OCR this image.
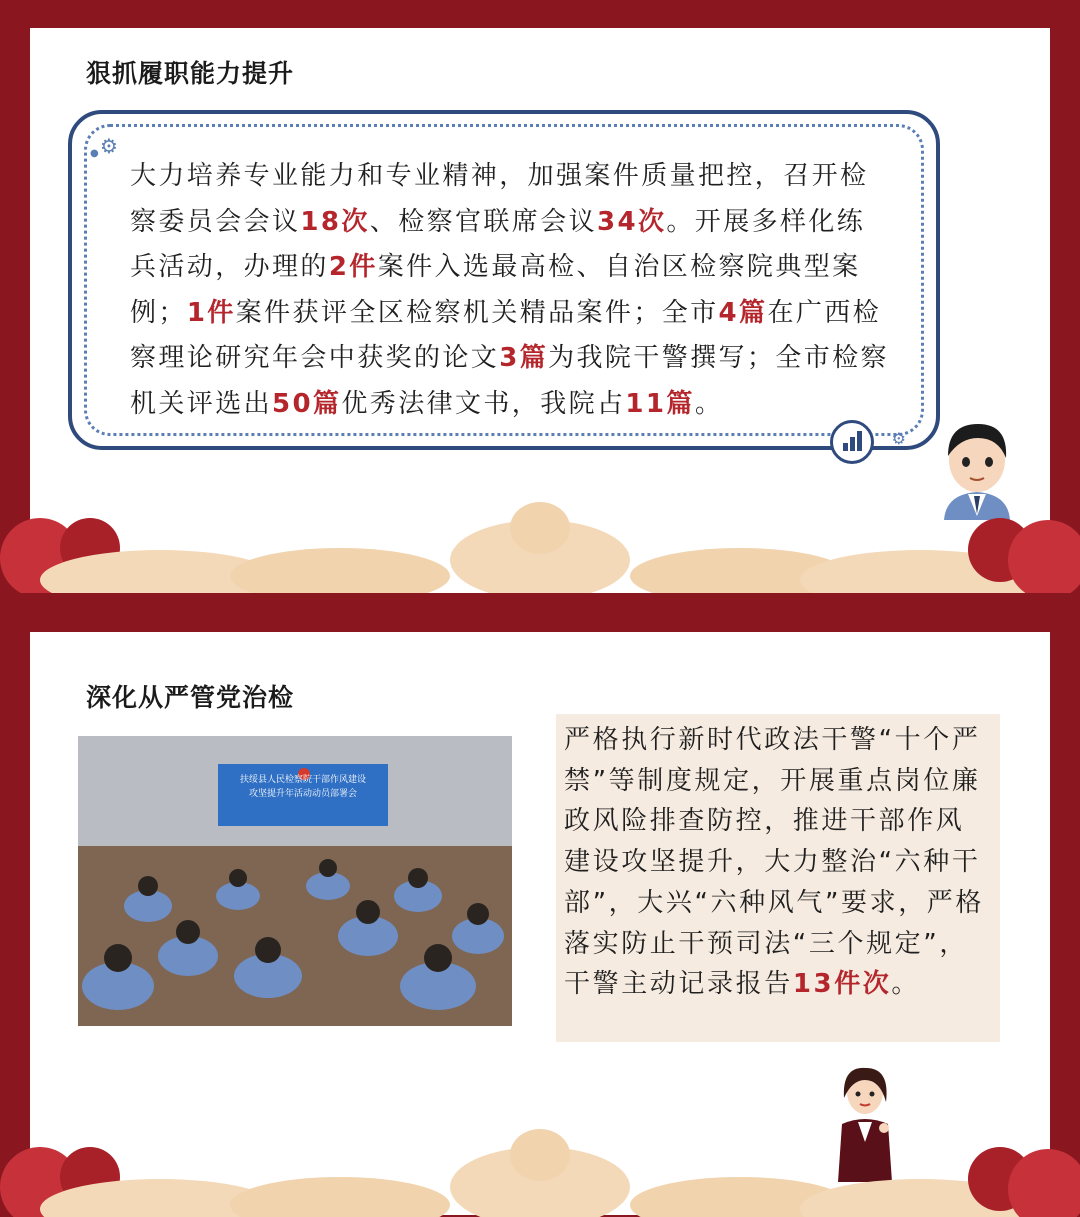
狠抓履职能力提升
⚙
●
大力培养专业能力和专业精神，加强案件质量把控，召开检察委员会会议18次、检察官联席会议34次。开展多样化练兵活动，办理的2件案件入选最高检、自治区检察院典型案例；1件案件获评全区检察机关精品案件；全市4篇在广西检察理论研究年会中获奖的论文3篇为我院干警撰写；全市检察机关评选出50篇优秀法律文书，我院占11篇。
⚙
深化从严管党治检
扶绥县人民检察院干部作风建设
攻坚提升年活动动员部署会
严格执行新时代政法干警“十个严禁”等制度规定，开展重点岗位廉政风险排查防控，推进干部作风建设攻坚提升，大力整治“六种干部”，大兴“六种风气”要求，严格落实防止干预司法“三个规定”，干警主动记录报告13件次。
